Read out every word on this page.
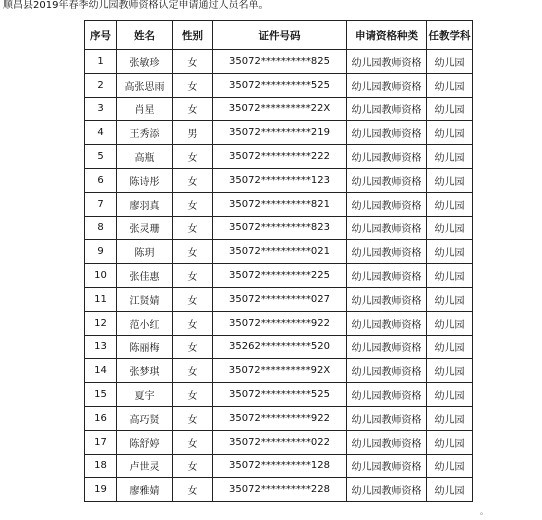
顺昌县2019年春季幼儿园教师资格认定申请通过人员名单。
序号	姓名	性别	证件号码	申请资格种类	任教学科
1	张敏珍	女	35072**********825	幼儿园教师资格	幼儿园
2	高张思雨	女	35072**********525	幼儿园教师资格	幼儿园
3	肖星	女	35072**********22X	幼儿园教师资格	幼儿园
4	王秀添	男	35072**********219	幼儿园教师资格	幼儿园
5	高瓶	女	35072**********222	幼儿园教师资格	幼儿园
6	陈诗彤	女	35072**********123	幼儿园教师资格	幼儿园
7	廖羽真	女	35072**********821	幼儿园教师资格	幼儿园
8	张灵珊	女	35072**********823	幼儿园教师资格	幼儿园
9	陈玥	女	35072**********021	幼儿园教师资格	幼儿园
10	张佳惠	女	35072**********225	幼儿园教师资格	幼儿园
11	江贤婧	女	35072**********027	幼儿园教师资格	幼儿园
12	范小红	女	35072**********922	幼儿园教师资格	幼儿园
13	陈丽梅	女	35262**********520	幼儿园教师资格	幼儿园
14	张梦琪	女	35072**********92X	幼儿园教师资格	幼儿园
15	夏宇	女	35072**********525	幼儿园教师资格	幼儿园
16	高巧贤	女	35072**********922	幼儿园教师资格	幼儿园
17	陈舒婷	女	35072**********022	幼儿园教师资格	幼儿园
18	卢世灵	女	35072**********128	幼儿园教师资格	幼儿园
19	廖雅婧	女	35072**********228	幼儿园教师资格	幼儿园
。
